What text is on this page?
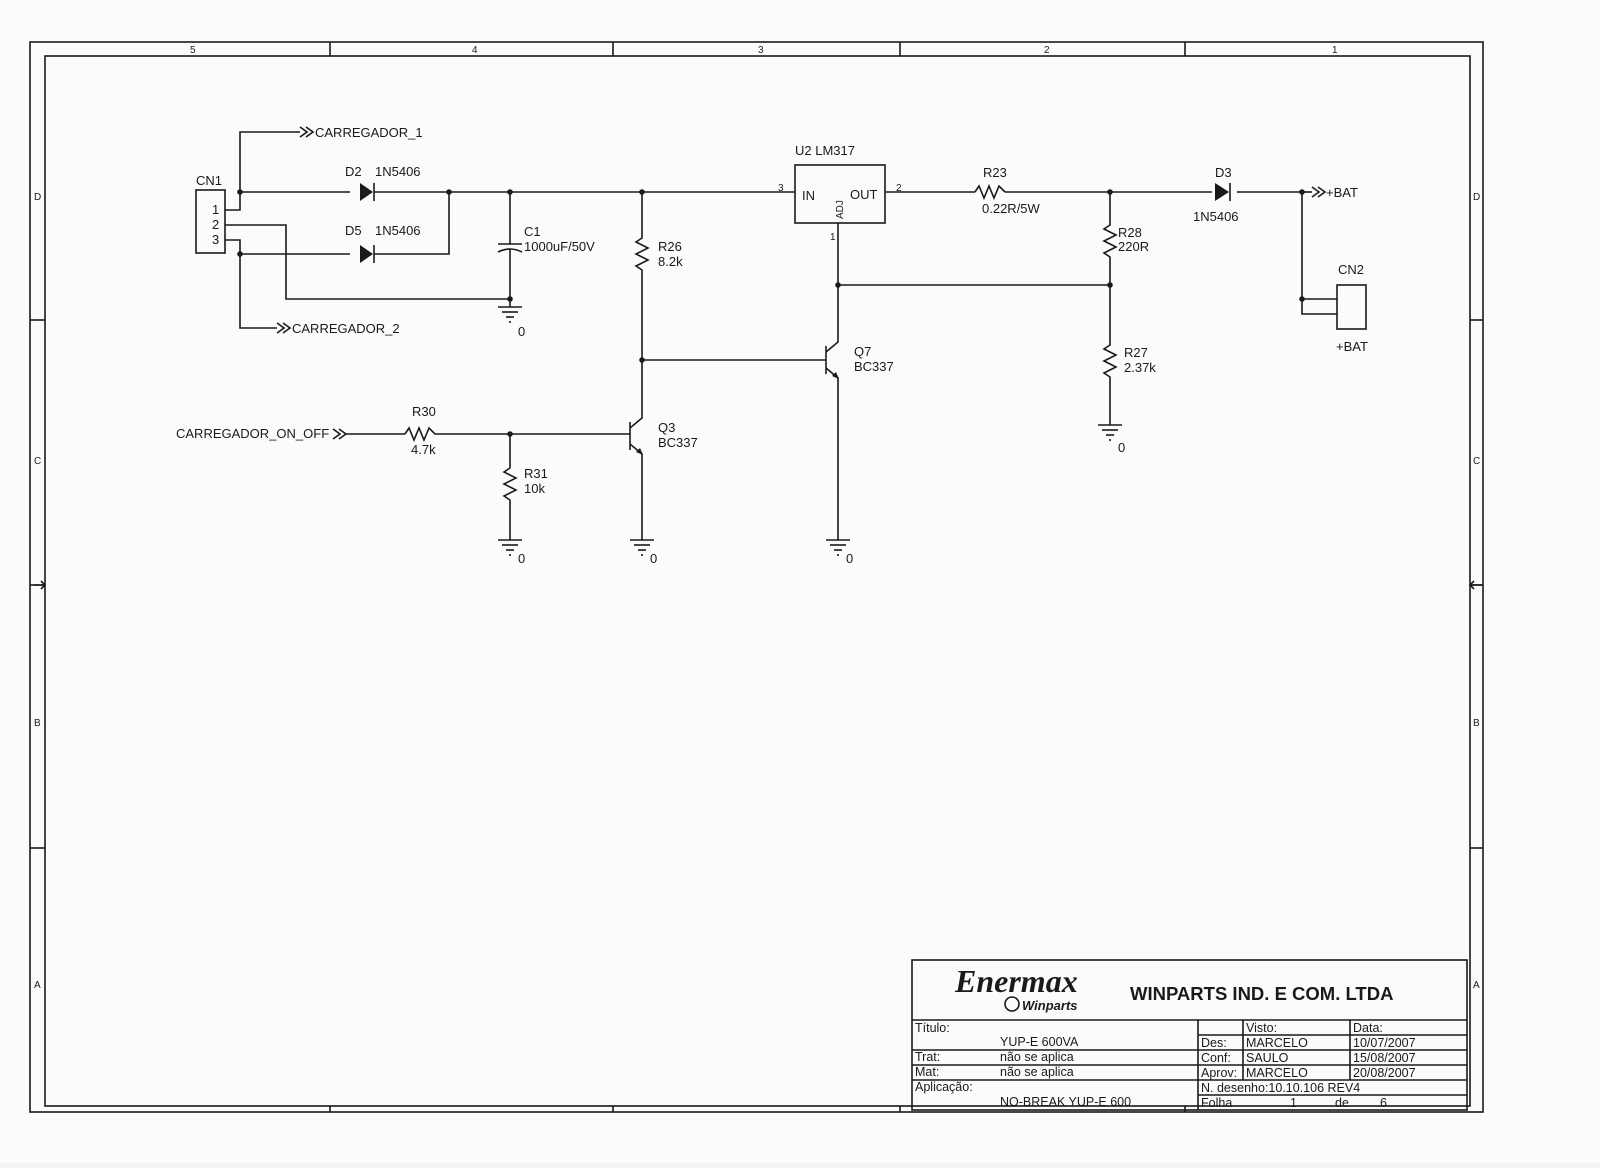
5	4	3	2	1
D
C
B
A
D
C
B
A
CN1
1
2
3
CARREGADOR_1
CARREGADOR_2
D2 1N5406
D5 1N5406	C1
1000uF/50V
0
R26
8.2k
U2 LM317
IN	OUT
ADJ
3	2
1
R23
0.22R/5W
D3
1N5406
+BAT
CN2
+BAT
R28
220R
R27
2.37k
0
Q7
BC337
0
Q3
BC337
0
CARREGADOR_ON_OFF
R30
4.7k
R31
10k
0
Enermax
Winparts
WINPARTS IND. E COM. LTDA
Título:
YUP-E 600VA
Trat:	não se aplica
Mat:	não se aplica
Aplicação:
NO-BREAK YUP-E 600
Visto:	Data:
Des: MARCELO	10/07/2007
Conf: SAULO	15/08/2007
Aprov: MARCELO	20/08/2007
N. desenho:10.10.106 REV4
Folha	1	de 6
